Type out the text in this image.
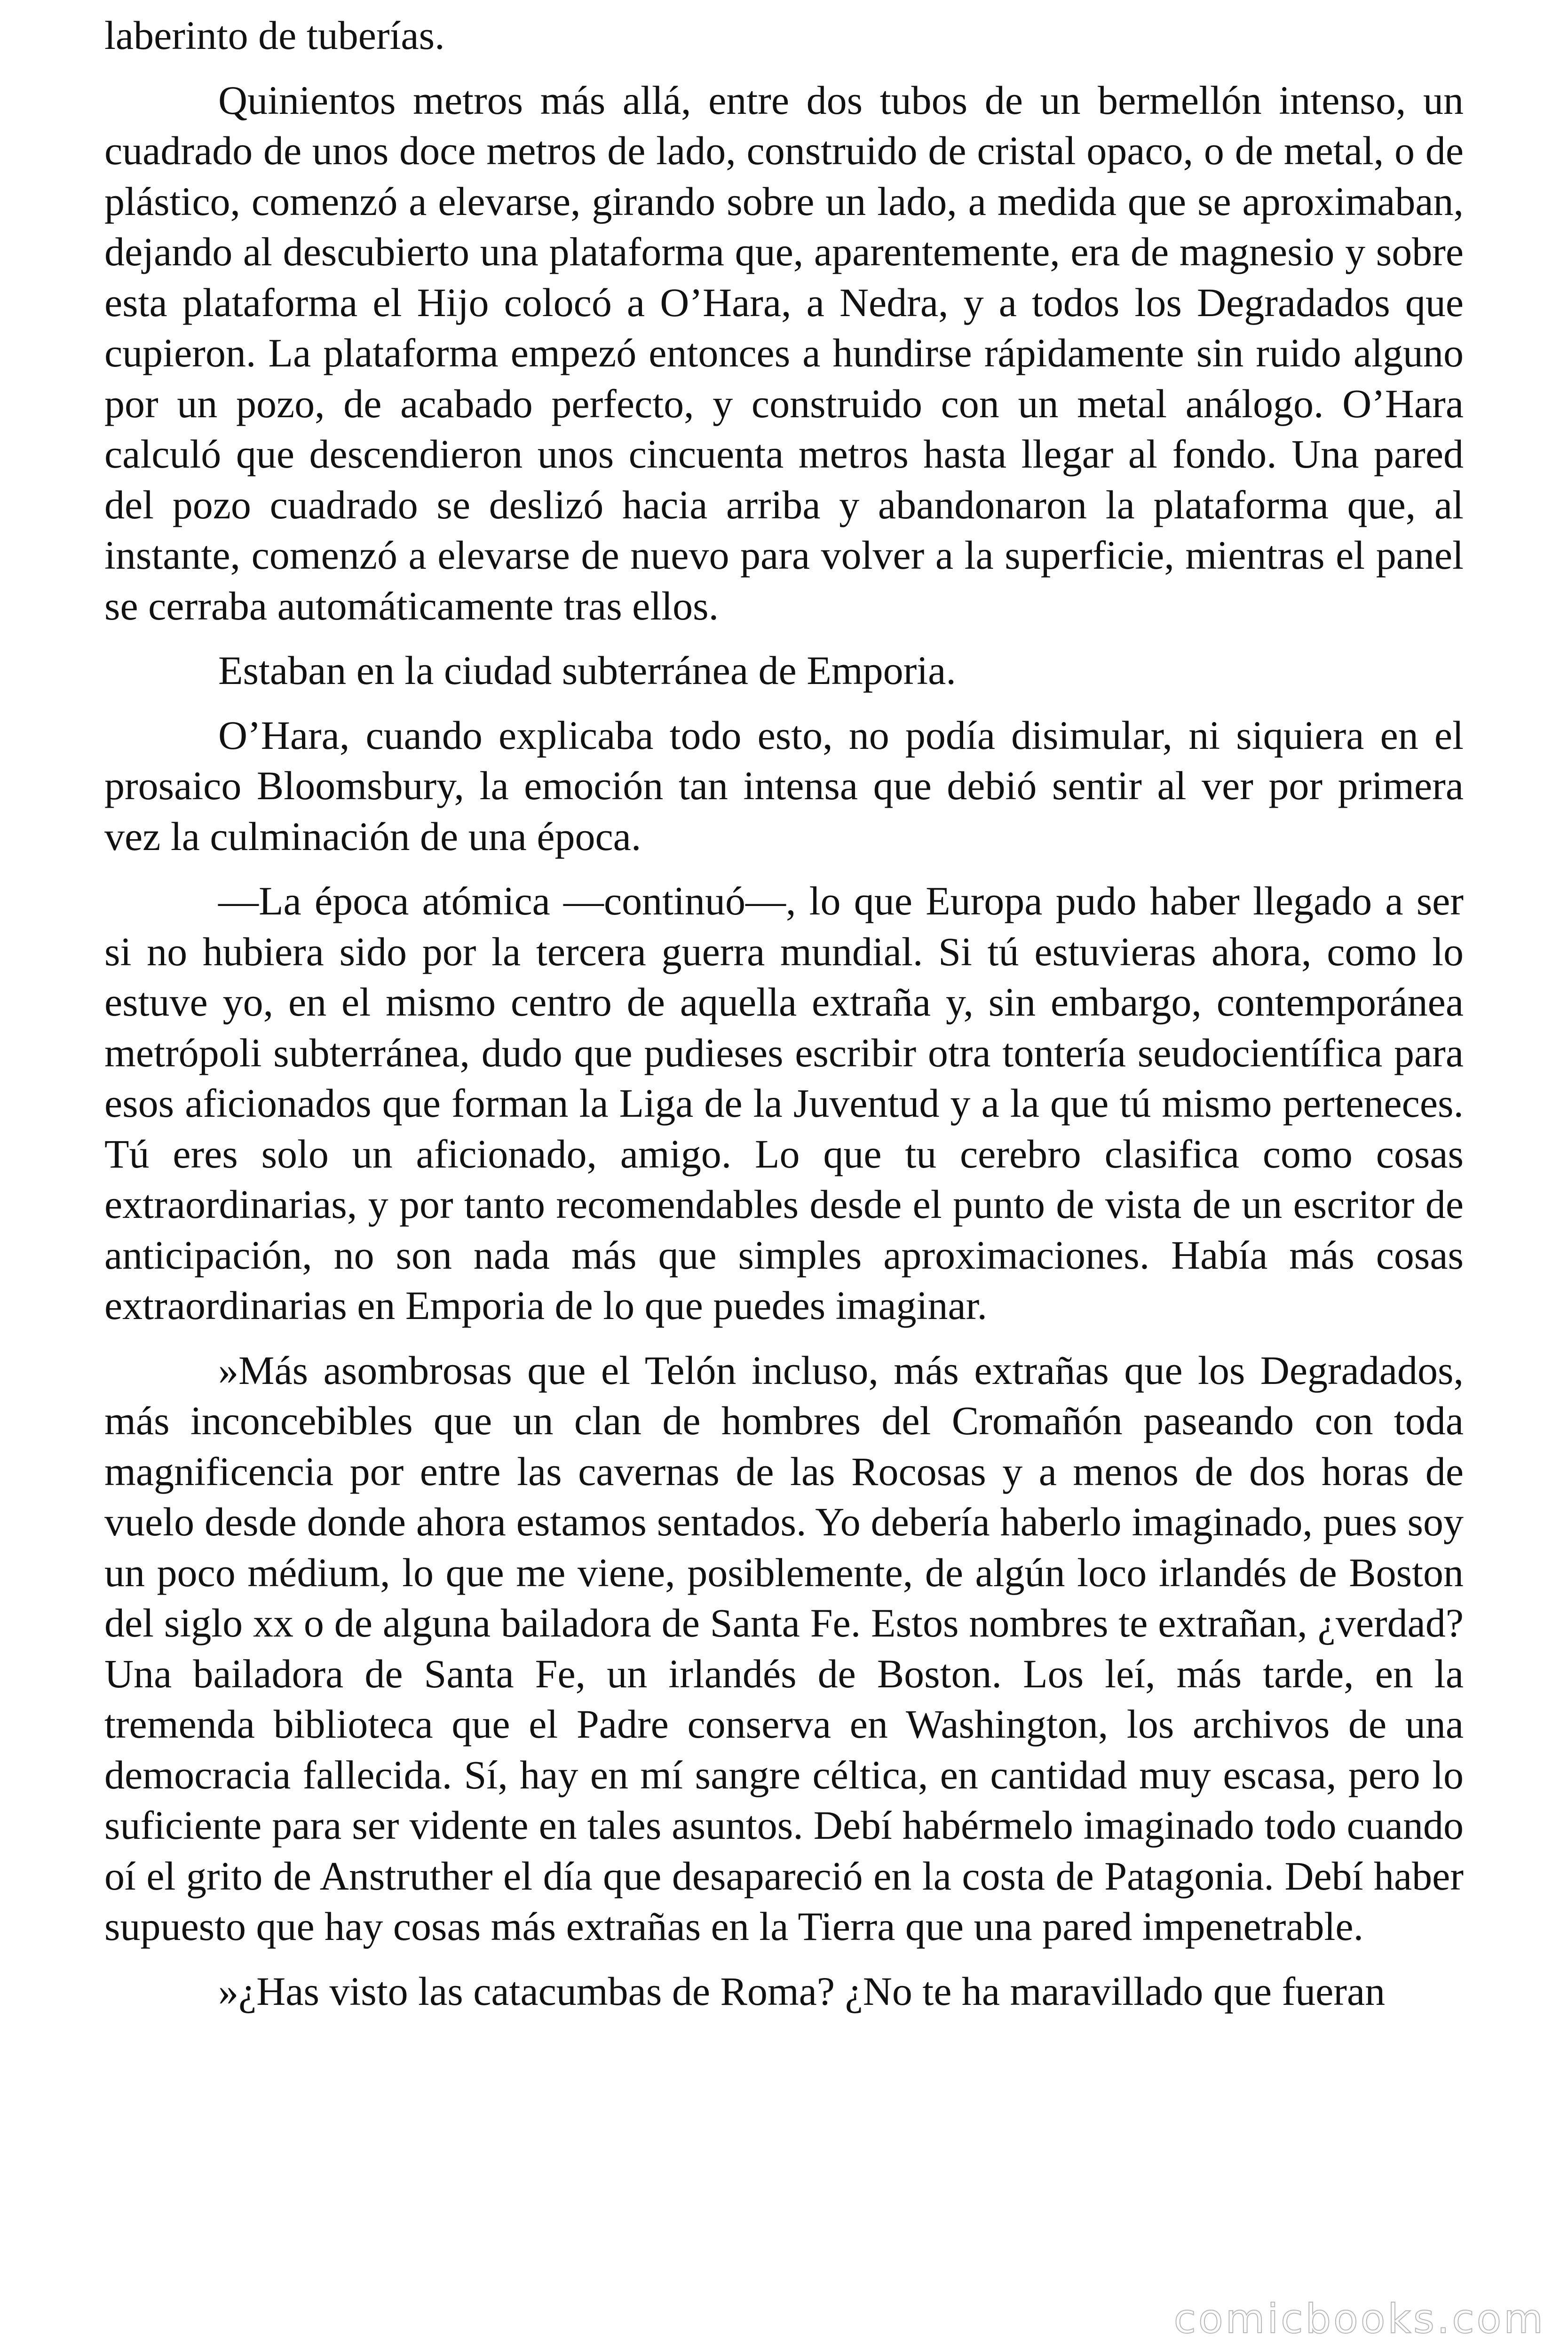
laberinto de tuberías.

Quinientos metros más allá, entre dos tubos de un bermellón intenso, un cuadrado de unos doce metros de lado, construido de cristal opaco, o de metal, o de plástico, comenzó a elevarse, girando sobre un lado, a medida que se aproximaban, dejando al descubierto una plataforma que, aparentemente, era de magnesio y sobre esta plataforma el Hijo colocó a O’Hara, a Nedra, y a todos los Degradados que cupieron. La plataforma empezó entonces a hundirse rápidamente sin ruido alguno por un pozo, de acabado perfecto, y construido con un metal análogo. O’Hara calculó que descendieron unos cincuenta metros hasta llegar al fondo. Una pared del pozo cuadrado se deslizó hacia arriba y abandonaron la plataforma que, al instante, comenzó a elevarse de nuevo para volver a la superficie, mientras el panel se cerraba automáticamente tras ellos.

Estaban en la ciudad subterránea de Emporia.

O’Hara, cuando explicaba todo esto, no podía disimular, ni siquiera en el prosaico Bloomsbury, la emoción tan intensa que debió sentir al ver por primera vez la culminación de una época.

—La época atómica —continuó—, lo que Europa pudo haber llegado a ser si no hubiera sido por la tercera guerra mundial. Si tú estuvieras ahora, como lo estuve yo, en el mismo centro de aquella extraña y, sin embargo, contemporánea metrópoli subterránea, dudo que pudieses escribir otra tontería seudocientífica para esos aficionados que forman la Liga de la Juventud y a la que tú mismo perteneces. Tú eres solo un aficionado, amigo. Lo que tu cerebro clasifica como cosas extraordinarias, y por tanto recomendables desde el punto de vista de un escritor de anticipación, no son nada más que simples aproximaciones. Había más cosas extraordinarias en Emporia de lo que puedes imaginar.

»Más asombrosas que el Telón incluso, más extrañas que los Degradados, más inconcebibles que un clan de hombres del Cromañón paseando con toda magnificencia por entre las cavernas de las Rocosas y a menos de dos horas de vuelo desde donde ahora estamos sentados. Yo debería haberlo imaginado, pues soy un poco médium, lo que me viene, posiblemente, de algún loco irlandés de Boston del siglo xx o de alguna bailadora de Santa Fe. Estos nombres te extrañan, ¿verdad? Una bailadora de Santa Fe, un irlandés de Boston. Los leí, más tarde, en la tremenda biblioteca que el Padre conserva en Washington, los archivos de una democracia fallecida. Sí, hay en mí sangre céltica, en cantidad muy escasa, pero lo suficiente para ser vidente en tales asuntos. Debí habérmelo imaginado todo cuando oí el grito de Anstruther el día que desapareció en la costa de Patagonia. Debí haber supuesto que hay cosas más extrañas en la Tierra que una pared impenetrable.

»¿Has visto las catacumbas de Roma? ¿No te ha maravillado que fueran

comicbooks.com
